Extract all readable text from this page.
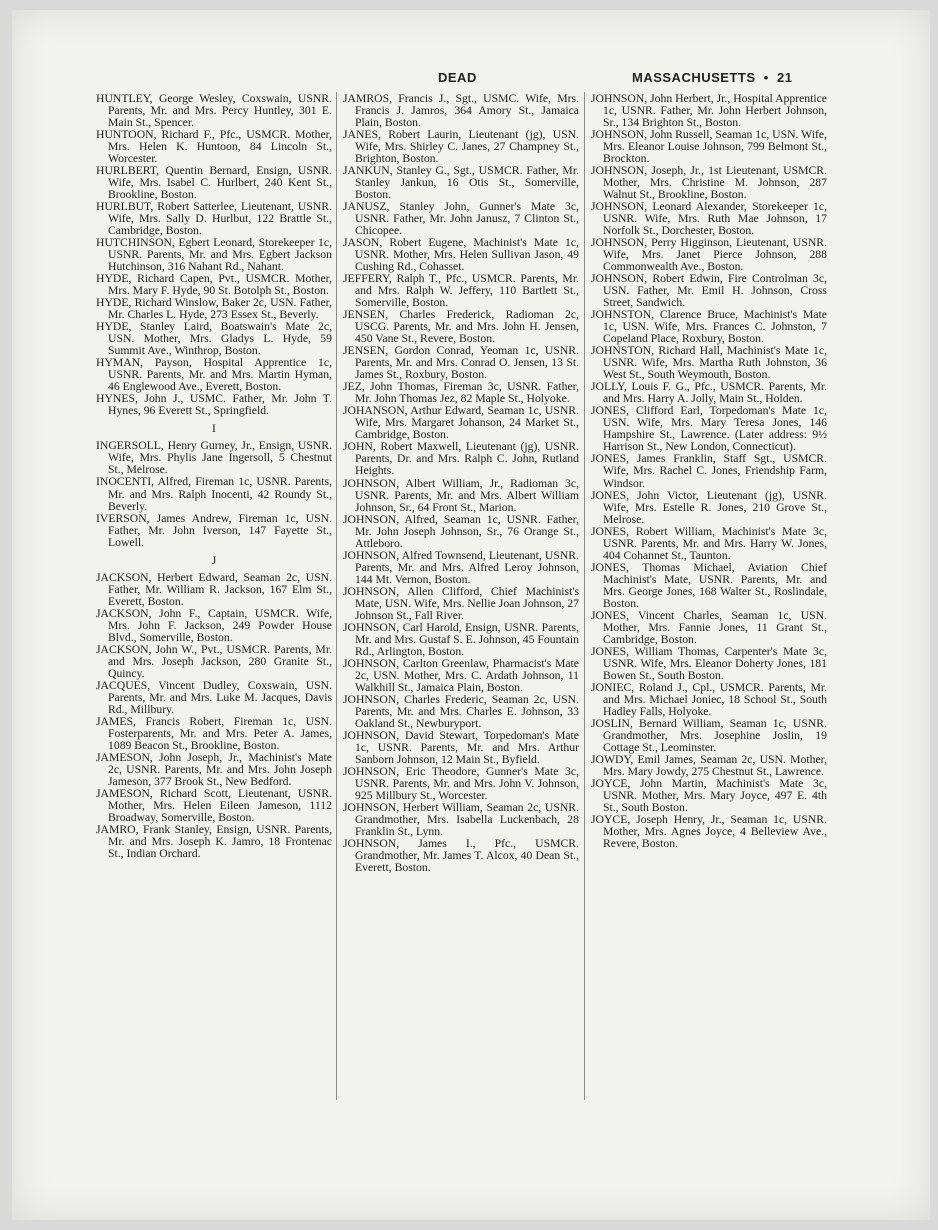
DEAD	MASSACHUSETTS • 21

HUNTLEY, George Wesley, Coxswain, USNR. Parents, Mr. and Mrs. Percy Huntley, 301 E. Main St., Spencer.

HUNTOON, Richard F., Pfc., USMCR. Mother, Mrs. Helen K. Huntoon, 84 Lincoln St., Worcester.

HURLBERT, Quentin Bernard, Ensign, USNR. Wife, Mrs. Isabel C. Hurlbert, 240 Kent St., Brookline, Boston.

HURLBUT, Robert Satterlee, Lieutenant, USNR. Wife, Mrs. Sally D. Hurlbut, 122 Brattle St., Cambridge, Boston.

HUTCHINSON, Egbert Leonard, Storekeeper 1c, USNR. Parents, Mr. and Mrs. Egbert Jackson Hutchinson, 316 Nahant Rd., Nahant.

HYDE, Richard Capen, Pvt., USMCR. Mother, Mrs. Mary F. Hyde, 90 St. Botolph St., Boston.

HYDE, Richard Winslow, Baker 2c, USN. Father, Mr. Charles L. Hyde, 273 Essex St., Beverly.

HYDE, Stanley Laird, Boatswain's Mate 2c, USN. Mother, Mrs. Gladys L. Hyde, 59 Summit Ave., Winthrop, Boston.

HYMAN, Payson, Hospital Apprentice 1c, USNR. Parents, Mr. and Mrs. Martin Hyman, 46 Englewood Ave., Everett, Boston.

HYNES, John J., USMC. Father, Mr. John T. Hynes, 96 Everett St., Springfield.

I

INGERSOLL, Henry Gurney, Jr., Ensign, USNR. Wife, Mrs. Phylis Jane Ingersoll, 5 Chestnut St., Melrose.

INOCENTI, Alfred, Fireman 1c, USNR. Parents, Mr. and Mrs. Ralph Inocenti, 42 Roundy St., Beverly.

IVERSON, James Andrew, Fireman 1c, USN. Father, Mr. John Iverson, 147 Fayette St., Lowell.

J

JACKSON, Herbert Edward, Seaman 2c, USN. Father, Mr. William R. Jackson, 167 Elm St., Everett, Boston.

JACKSON, John F., Captain, USMCR. Wife, Mrs. John F. Jackson, 249 Powder House Blvd., Somerville, Boston.

JACKSON, John W., Pvt., USMCR. Parents, Mr. and Mrs. Joseph Jackson, 280 Granite St., Quincy.

JACQUES, Vincent Dudley, Coxswain, USN. Parents, Mr. and Mrs. Luke M. Jacques, Davis Rd., Millbury.

JAMES, Francis Robert, Fireman 1c, USN. Fosterparents, Mr. and Mrs. Peter A. James, 1089 Beacon St., Brookline, Boston.

JAMESON, John Joseph, Jr., Machinist's Mate 2c, USNR. Parents, Mr. and Mrs. John Joseph Jameson, 377 Brook St., New Bedford.

JAMESON, Richard Scott, Lieutenant, USNR. Mother, Mrs. Helen Eileen Jameson, 1112 Broadway, Somerville, Boston.

JAMRO, Frank Stanley, Ensign, USNR. Parents, Mr. and Mrs. Joseph K. Jamro, 18 Frontenac St., Indian Orchard.

JAMROS, Francis J., Sgt., USMC. Wife, Mrs. Francis J. Jamros, 364 Amory St., Jamaica Plain, Boston.

JANES, Robert Laurin, Lieutenant (jg), USN. Wife, Mrs. Shirley C. Janes, 27 Champney St., Brighton, Boston.

JANKUN, Stanley G., Sgt., USMCR. Father, Mr. Stanley Jankun, 16 Otis St., Somerville, Boston.

JANUSZ, Stanley John, Gunner's Mate 3c, USNR. Father, Mr. John Janusz, 7 Clinton St., Chicopee.

JASON, Robert Eugene, Machinist's Mate 1c, USNR. Mother, Mrs. Helen Sullivan Jason, 49 Cushing Rd., Cohasset.

JEFFERY, Ralph T., Pfc., USMCR. Parents, Mr. and Mrs. Ralph W. Jeffery, 110 Bartlett St., Somerville, Boston.

JENSEN, Charles Frederick, Radioman 2c, USCG. Parents, Mr. and Mrs. John H. Jensen, 450 Vane St., Revere, Boston.

JENSEN, Gordon Conrad, Yeoman 1c, USNR. Parents, Mr. and Mrs. Conrad O. Jensen, 13 St. James St., Roxbury, Boston.

JEZ, John Thomas, Fireman 3c, USNR. Father, Mr. John Thomas Jez, 82 Maple St., Holyoke.

JOHANSON, Arthur Edward, Seaman 1c, USNR. Wife, Mrs. Margaret Johanson, 24 Market St., Cambridge, Boston.

JOHN, Robert Maxwell, Lieutenant (jg), USNR. Parents, Dr. and Mrs. Ralph C. John, Rutland Heights.

JOHNSON, Albert William, Jr., Radioman 3c, USNR. Parents, Mr. and Mrs. Albert William Johnson, Sr., 64 Front St., Marion.

JOHNSON, Alfred, Seaman 1c, USNR. Father, Mr. John Joseph Johnson, Sr., 76 Orange St., Attleboro.

JOHNSON, Alfred Townsend, Lieutenant, USNR. Parents, Mr. and Mrs. Alfred Leroy Johnson, 144 Mt. Vernon, Boston.

JOHNSON, Allen Clifford, Chief Machinist's Mate, USN. Wife, Mrs. Nellie Joan Johnson, 27 Johnson St., Fall River.

JOHNSON, Carl Harold, Ensign, USNR. Parents, Mr. and Mrs. Gustaf S. E. Johnson, 45 Fountain Rd., Arlington, Boston.

JOHNSON, Carlton Greenlaw, Pharmacist's Mate 2c, USN. Mother, Mrs. C. Ardath Johnson, 11 Walkhill St., Jamaica Plain, Boston.

JOHNSON, Charles Frederic, Seaman 2c, USN. Parents, Mr. and Mrs. Charles E. Johnson, 33 Oakland St., Newburyport.

JOHNSON, David Stewart, Torpedoman's Mate 1c, USNR. Parents, Mr. and Mrs. Arthur Sanborn Johnson, 12 Main St., Byfield.

JOHNSON, Eric Theodore, Gunner's Mate 3c, USNR. Parents, Mr. and Mrs. John V. Johnson, 925 Millbury St., Worcester.

JOHNSON, Herbert William, Seaman 2c, USNR. Grandmother, Mrs. Isabella Luckenbach, 28 Franklin St., Lynn.

JOHNSON, James I., Pfc., USMCR. Grandmother, Mr. James T. Alcox, 40 Dean St., Everett, Boston.

JOHNSON, John Herbert, Jr., Hospital Apprentice 1c, USNR. Father, Mr. John Herbert Johnson, Sr., 134 Brighton St., Boston.

JOHNSON, John Russell, Seaman 1c, USN. Wife, Mrs. Eleanor Louise Johnson, 799 Belmont St., Brockton.

JOHNSON, Joseph, Jr., 1st Lieutenant, USMCR. Mother, Mrs. Christine M. Johnson, 287 Walnut St., Brookline, Boston.

JOHNSON, Leonard Alexander, Storekeeper 1c, USNR. Wife, Mrs. Ruth Mae Johnson, 17 Norfolk St., Dorchester, Boston.

JOHNSON, Perry Higginson, Lieutenant, USNR. Wife, Mrs. Janet Pierce Johnson, 288 Commonwealth Ave., Boston.

JOHNSON, Robert Edwin, Fire Controlman 3c, USN. Father, Mr. Emil H. Johnson, Cross Street, Sandwich.

JOHNSTON, Clarence Bruce, Machinist's Mate 1c, USN. Wife, Mrs. Frances C. Johnston, 7 Copeland Place, Roxbury, Boston.

JOHNSTON, Richard Hall, Machinist's Mate 1c, USNR. Wife, Mrs. Martha Ruth Johnston, 36 West St., South Weymouth, Boston.

JOLLY, Louis F. G., Pfc., USMCR. Parents, Mr. and Mrs. Harry A. Jolly, Main St., Holden.

JONES, Clifford Earl, Torpedoman's Mate 1c, USN. Wife, Mrs. Mary Teresa Jones, 146 Hampshire St., Lawrence. (Later address: 9½ Harrison St., New London, Connecticut).

JONES, James Franklin, Staff Sgt., USMCR. Wife, Mrs. Rachel C. Jones, Friendship Farm, Windsor.

JONES, John Victor, Lieutenant (jg), USNR. Wife, Mrs. Estelle R. Jones, 210 Grove St., Melrose.

JONES, Robert William, Machinist's Mate 3c, USNR. Parents, Mr. and Mrs. Harry W. Jones, 404 Cohannet St., Taunton.

JONES, Thomas Michael, Aviation Chief Machinist's Mate, USNR. Parents, Mr. and Mrs. George Jones, 168 Walter St., Roslindale, Boston.

JONES, Vincent Charles, Seaman 1c, USN. Mother, Mrs. Fannie Jones, 11 Grant St., Cambridge, Boston.

JONES, William Thomas, Carpenter's Mate 3c, USNR. Wife, Mrs. Eleanor Doherty Jones, 181 Bowen St., South Boston.

JONIEC, Roland J., Cpl., USMCR. Parents, Mr. and Mrs. Michael Joniec, 18 School St., South Hadley Falls, Holyoke.

JOSLIN, Bernard William, Seaman 1c, USNR. Grandmother, Mrs. Josephine Joslin, 19 Cottage St., Leominster.

JOWDY, Emil James, Seaman 2c, USN. Mother, Mrs. Mary Jowdy, 275 Chestnut St., Lawrence.

JOYCE, John Martin, Machinist's Mate 3c, USNR. Mother, Mrs. Mary Joyce, 497 E. 4th St., South Boston.

JOYCE, Joseph Henry, Jr., Seaman 1c, USNR. Mother, Mrs. Agnes Joyce, 4 Belleview Ave., Revere, Boston.
